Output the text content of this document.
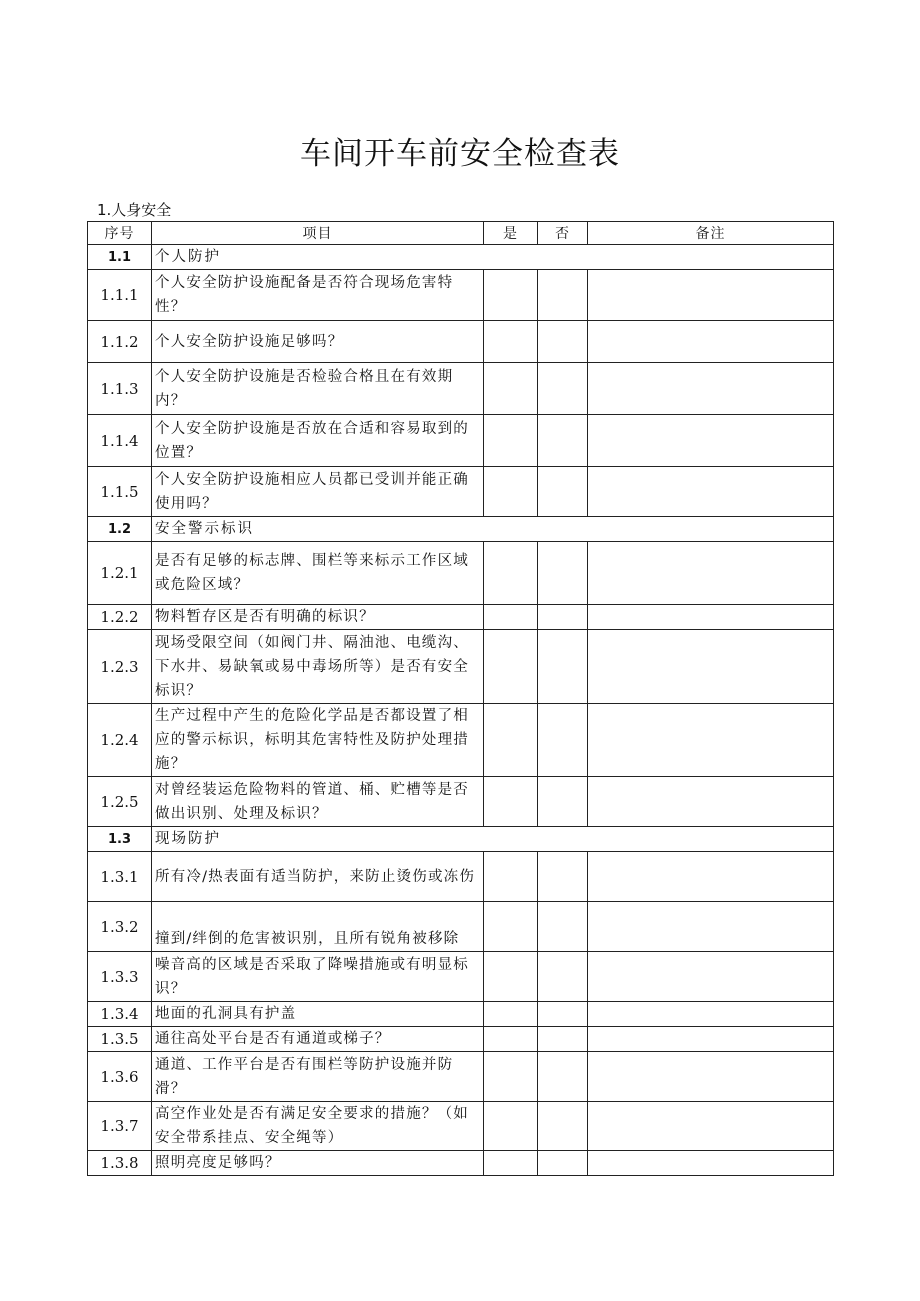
车间开车前安全检查表
1.人身安全
序号	项目	是	否	备注
1.1	个人防护			
1.1.1	个人安全防护设施配备是否符合现场危害特性？			
1.1.2	个人安全防护设施足够吗？			
1.1.3	个人安全防护设施是否检验合格且在有效期内？			
1.1.4	个人安全防护设施是否放在合适和容易取到的位置？			
1.1.5	个人安全防护设施相应人员都已受训并能正确使用吗？			
1.2	安全警示标识			
1.2.1	是否有足够的标志牌、围栏等来标示工作区域或危险区域？			
1.2.2	物料暂存区是否有明确的标识？			
1.2.3	现场受限空间（如阀门井、隔油池、电缆沟、下水井、易缺氧或易中毒场所等）是否有安全标识？			
1.2.4	生产过程中产生的危险化学品是否都设置了相应的警示标识，标明其危害特性及防护处理措施？			
1.2.5	对曾经装运危险物料的管道、桶、贮槽等是否做出识别、处理及标识？			
1.3	现场防护			
1.3.1	所有冷/热表面有适当防护，来防止烫伤或冻伤			
1.3.2	撞到/绊倒的危害被识别，且所有锐角被移除			
1.3.3	噪音高的区域是否采取了降噪措施或有明显标识？			
1.3.4	地面的孔洞具有护盖			
1.3.5	通往高处平台是否有通道或梯子？			
1.3.6	通道、工作平台是否有围栏等防护设施并防滑？			
1.3.7	高空作业处是否有满足安全要求的措施？（如安全带系挂点、安全绳等）			
1.3.8	照明亮度足够吗？			
